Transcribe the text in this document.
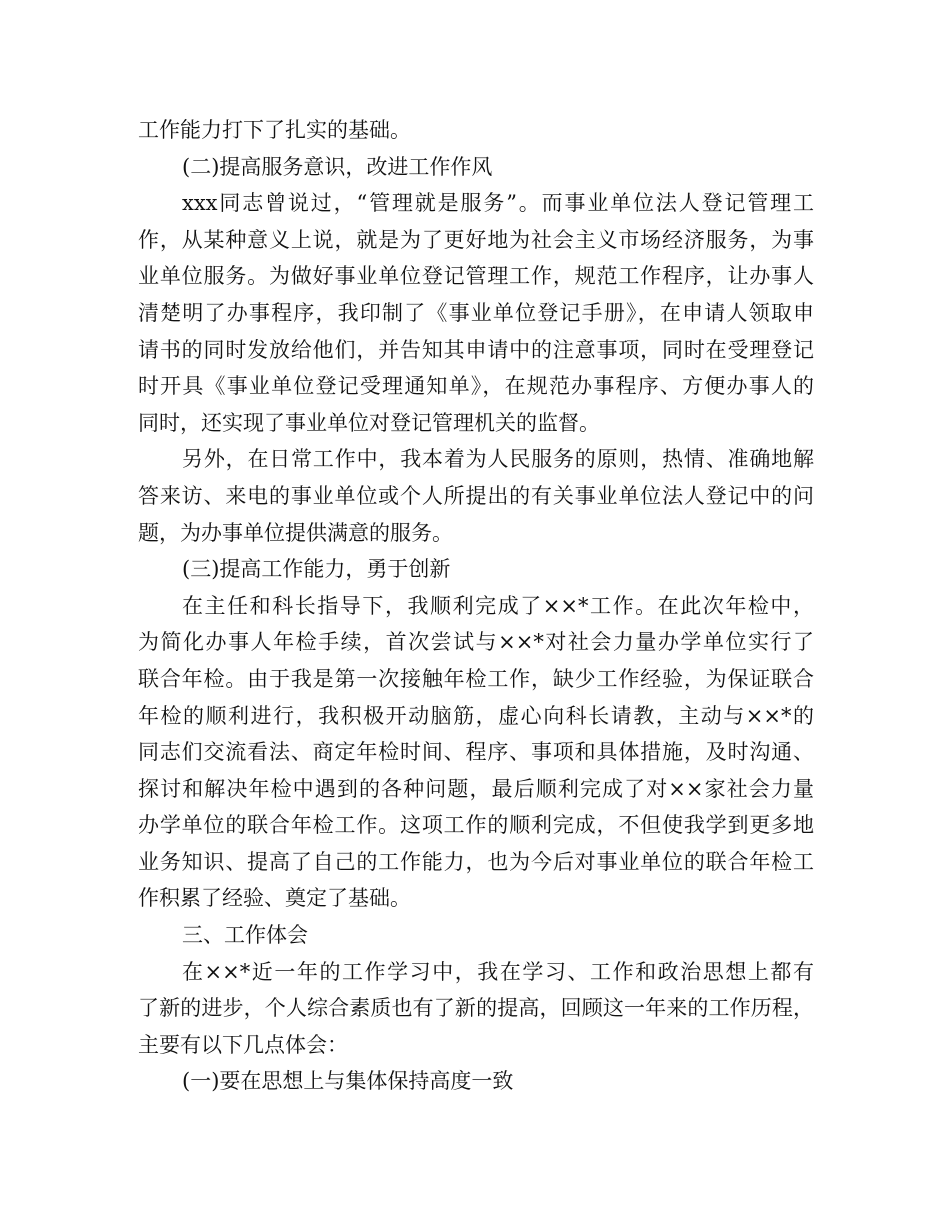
工作能力打下了扎实的基础。
(二)提高服务意识，改进工作作风
xxx同志曾说过，“管理就是服务”。而事业单位法人登记管理工
作，从某种意义上说，就是为了更好地为社会主义市场经济服务，为事
业单位服务。为做好事业单位登记管理工作，规范工作程序，让办事人
清楚明了办事程序，我印制了《事业单位登记手册》，在申请人领取申
请书的同时发放给他们，并告知其申请中的注意事项，同时在受理登记
时开具《事业单位登记受理通知单》，在规范办事程序、方便办事人的
同时，还实现了事业单位对登记管理机关的监督。
另外，在日常工作中，我本着为人民服务的原则，热情、准确地解
答来访、来电的事业单位或个人所提出的有关事业单位法人登记中的问
题，为办事单位提供满意的服务。
(三)提高工作能力，勇于创新
在主任和科长指导下，我顺利完成了××*工作。在此次年检中，
为简化办事人年检手续，首次尝试与××*对社会力量办学单位实行了
联合年检。由于我是第一次接触年检工作，缺少工作经验，为保证联合
年检的顺利进行，我积极开动脑筋，虚心向科长请教，主动与××*的
同志们交流看法、商定年检时间、程序、事项和具体措施，及时沟通、
探讨和解决年检中遇到的各种问题，最后顺利完成了对××家社会力量
办学单位的联合年检工作。这项工作的顺利完成，不但使我学到更多地
业务知识、提高了自己的工作能力，也为今后对事业单位的联合年检工
作积累了经验、奠定了基础。
三、工作体会
在××*近一年的工作学习中，我在学习、工作和政治思想上都有
了新的进步，个人综合素质也有了新的提高，回顾这一年来的工作历程，
主要有以下几点体会：
(一)要在思想上与集体保持高度一致
